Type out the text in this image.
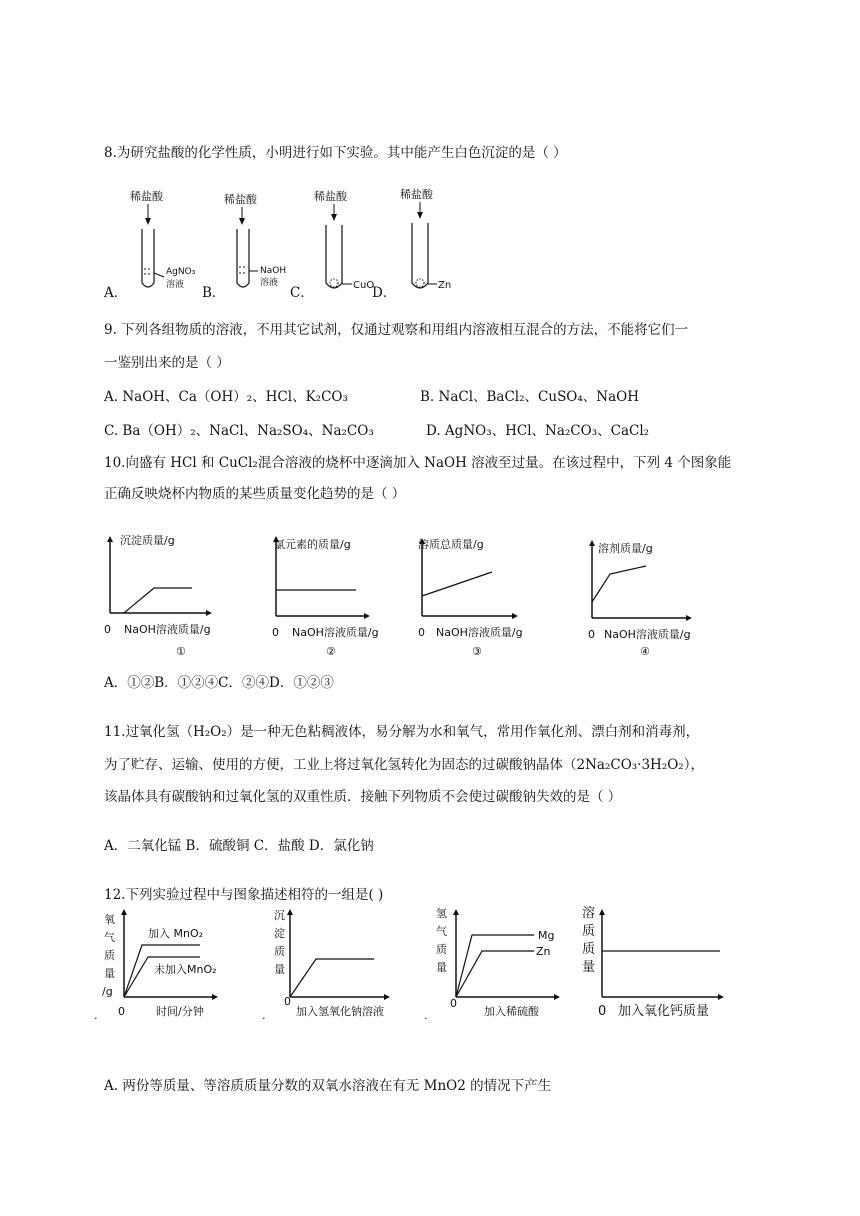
8.为研究盐酸的化学性质，小明进行如下实验。其中能产生白色沉淀的是（ ）
A．	B．	C．	D．
稀盐酸
AgNO₃
溶液
稀盐酸
NaOH
溶液
稀盐酸
CuO
稀盐酸
Zn
9. 下列各组物质的溶液，不用其它试剂，仅通过观察和用组内溶液相互混合的方法，不能将它们一
一鉴别出来的是（ ）
A. NaOH、Ca（OH）₂、HCl、K₂CO₃	B. NaCl、BaCl₂、CuSO₄、NaOH
C. Ba（OH）₂、NaCl、Na₂SO₄、Na₂CO₃	D. AgNO₃、HCl、Na₂CO₃、CaCl₂
10.向盛有 HCl 和 CuCl₂混合溶液的烧杯中逐滴加入 NaOH 溶液至过量。在该过程中，下列 4 个图象能
正确反映烧杯内物质的某些质量变化趋势的是（ ）
沉淀质量/g
0 NaOH溶液质量/g
①
氯元素的质量/g
0 NaOH溶液质量/g
②
溶质总质量/g
0 NaOH溶液质量/g
③
溶剂质量/g
0 NaOH溶液质量/g
④
A．①②B．①②④C．②④D．①②③
11.过氧化氢（H₂O₂）是一种无色粘稠液体，易分解为水和氧气，常用作氧化剂、漂白剂和消毒剂，
为了贮存、运输、使用的方便，工业上将过氧化氢转化为固态的过碳酸钠晶体（2Na₂CO₃·3H₂O₂），
该晶体具有碳酸钠和过氧化氢的双重性质．接触下列物质不会使过碳酸钠失效的是（ ）
A．二氧化锰 B．硫酸铜 C．盐酸 D．氯化钠
12.下列实验过程中与图象描述相符的一组是( )
氧
气
质
量
/g
加入 MnO₂
未加入MnO₂
. 0	时间/分钟
沉
淀
质
量
.
0
加入氢氧化钠溶液
氢
气
质
量
Mg
Zn
.
0
加入稀硫酸
溶
质
质
量
0 加入氧化钙质量
A. 两份等质量、等溶质质量分数的双氧水溶液在有无 MnO2 的情况下产生
